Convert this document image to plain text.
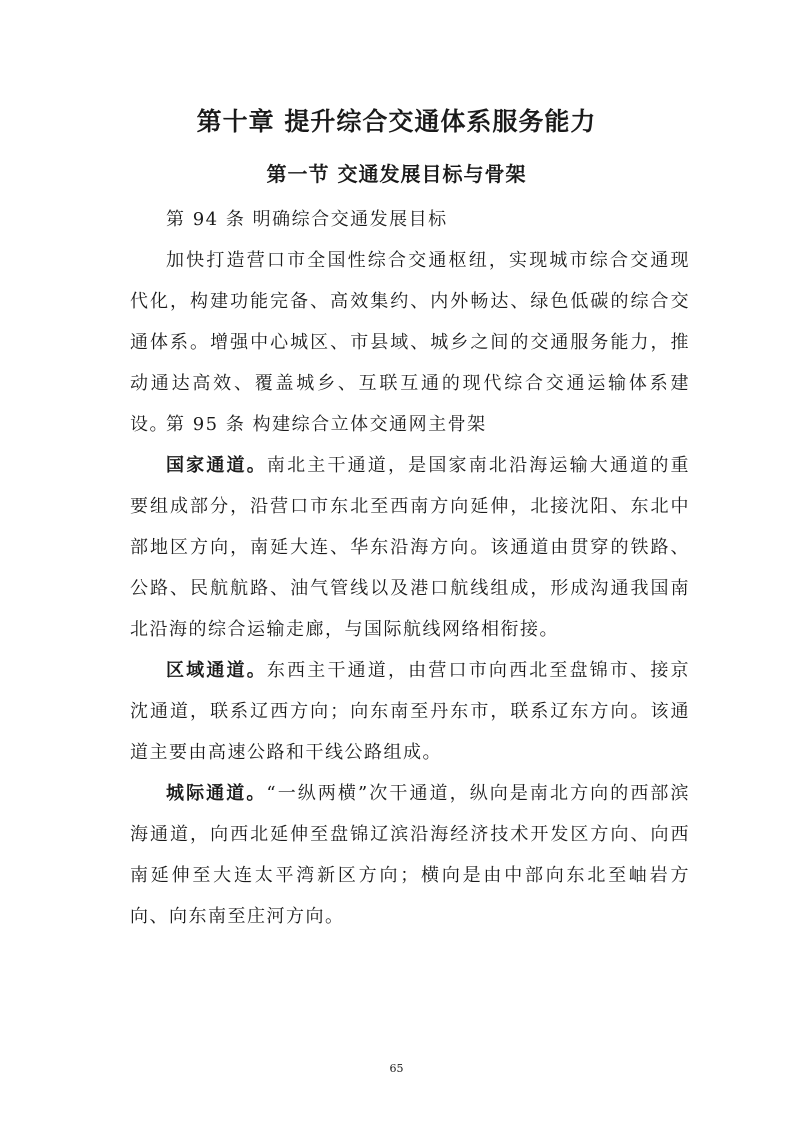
第十章 提升综合交通体系服务能力
第一节 交通发展目标与骨架

第 94 条 明确综合交通发展目标

加快打造营口市全国性综合交通枢纽，实现城市综合交通现代化，构建功能完备、高效集约、内外畅达、绿色低碳的综合交通体系。增强中心城区、市县域、城乡之间的交通服务能力，推动通达高效、覆盖城乡、互联互通的现代综合交通运输体系建设。

第 95 条 构建综合立体交通网主骨架

国家通道。南北主干通道，是国家南北沿海运输大通道的重要组成部分，沿营口市东北至西南方向延伸，北接沈阳、东北中部地区方向，南延大连、华东沿海方向。该通道由贯穿的铁路、公路、民航航路、油气管线以及港口航线组成，形成沟通我国南北沿海的综合运输走廊，与国际航线网络相衔接。

区域通道。东西主干通道，由营口市向西北至盘锦市、接京沈通道，联系辽西方向；向东南至丹东市，联系辽东方向。该通道主要由高速公路和干线公路组成。

城际通道。“一纵两横”次干通道，纵向是南北方向的西部滨海通道，向西北延伸至盘锦辽滨沿海经济技术开发区方向、向西南延伸至大连太平湾新区方向；横向是由中部向东北至岫岩方向、向东南至庄河方向。

65
